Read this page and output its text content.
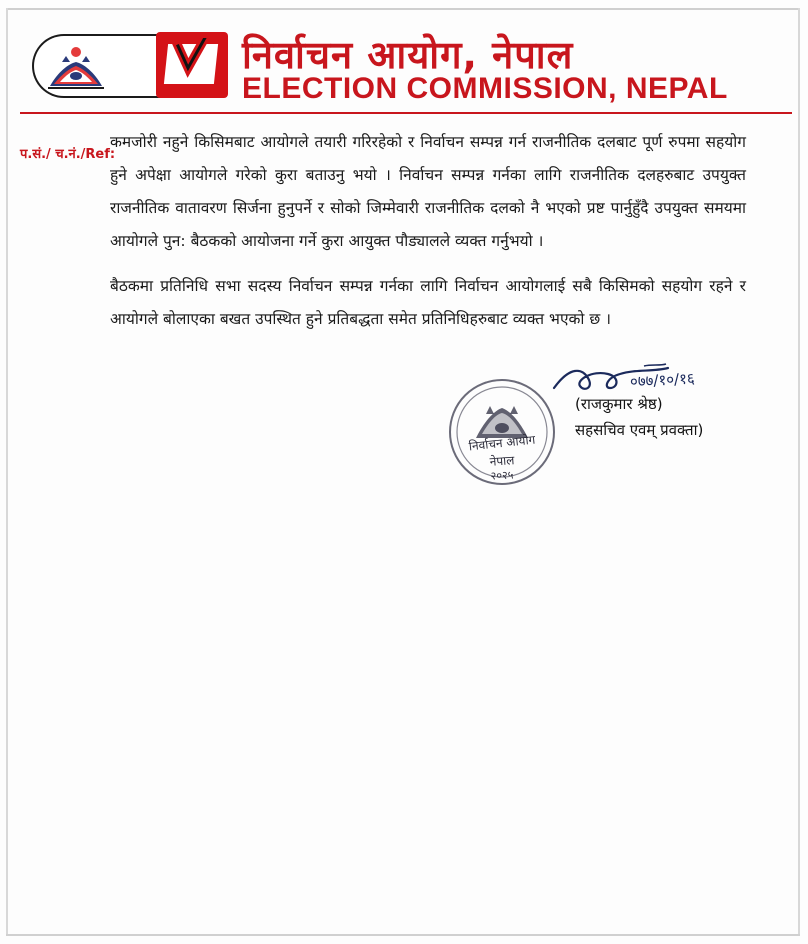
निर्वाचन आयोग, नेपाल
ELECTION COMMISSION, NEPAL
प.सं./ च.नं./Ref:

कमजोरी नहुने किसिमबाट आयोगले तयारी गरिरहेको र निर्वाचन सम्पन्न गर्न राजनीतिक दलबाट पूर्ण रुपमा सहयोग हुने अपेक्षा आयोगले गरेको कुरा बताउनु भयो । निर्वाचन सम्पन्न गर्नका लागि राजनीतिक दलहरुबाट उपयुक्त राजनीतिक वातावरण सिर्जना हुनुपर्ने र सोको जिम्मेवारी राजनीतिक दलको नै भएको प्रष्ट पार्नुहुँदै उपयुक्त समयमा आयोगले पुन: बैठकको आयोजना गर्ने कुरा आयुक्त पौड्यालले व्यक्त गर्नुभयो ।

बैठकमा प्रतिनिधि सभा सदस्य निर्वाचन सम्पन्न गर्नका लागि निर्वाचन आयोगलाई सबै किसिमको सहयोग रहने र आयोगले बोलाएका बखत उपस्थित हुने प्रतिबद्धता समेत प्रतिनिधिहरुबाट व्यक्त भएको छ ।

निर्वाचन आयोग
नेपाल
२०२५
०७७/१०/१६
(राजकुमार श्रेष्ठ)
सहसचिव एवम् प्रवक्ता)
